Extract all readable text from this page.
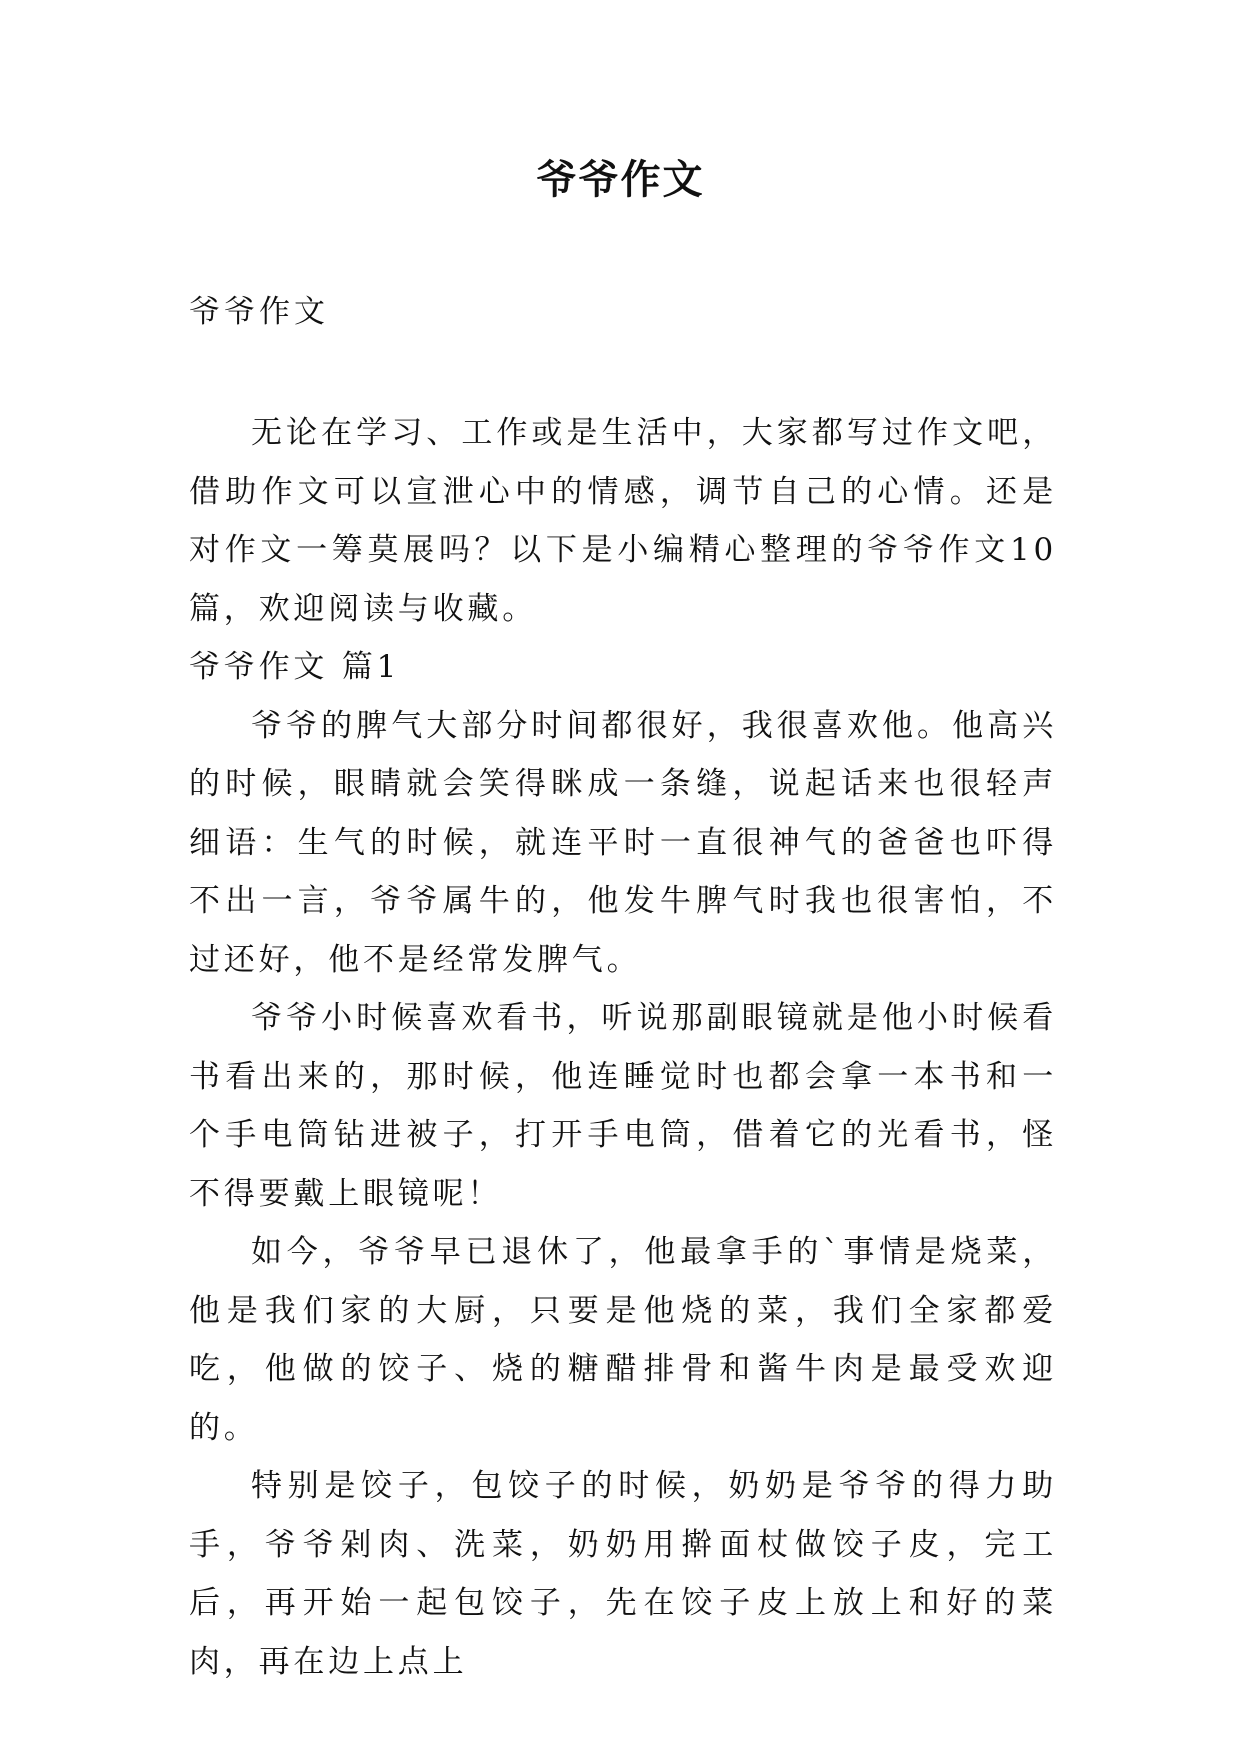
爷爷作文
爷爷作文

无论在学习、工作或是生活中，大家都写过作文吧，借助作文可以宣泄心中的情感，调节自己的心情。还是对作文一筹莫展吗？以下是小编精心整理的爷爷作文10篇，欢迎阅读与收藏。

爷爷作文 篇1

爷爷的脾气大部分时间都很好，我很喜欢他。他高兴的时候，眼睛就会笑得眯成一条缝，说起话来也很轻声细语：生气的时候，就连平时一直很神气的爸爸也吓得不出一言，爷爷属牛的，他发牛脾气时我也很害怕，不过还好，他不是经常发脾气。

爷爷小时候喜欢看书，听说那副眼镜就是他小时候看书看出来的，那时候，他连睡觉时也都会拿一本书和一个手电筒钻进被子，打开手电筒，借着它的光看书，怪不得要戴上眼镜呢！

如今，爷爷早已退休了，他最拿手的`事情是烧菜，他是我们家的大厨，只要是他烧的菜，我们全家都爱吃，他做的饺子、烧的糖醋排骨和酱牛肉是最受欢迎的。

特别是饺子，包饺子的时候，奶奶是爷爷的得力助手，爷爷剁肉、洗菜，奶奶用擀面杖做饺子皮，完工后，再开始一起包饺子，先在饺子皮上放上和好的菜肉，再在边上点上
